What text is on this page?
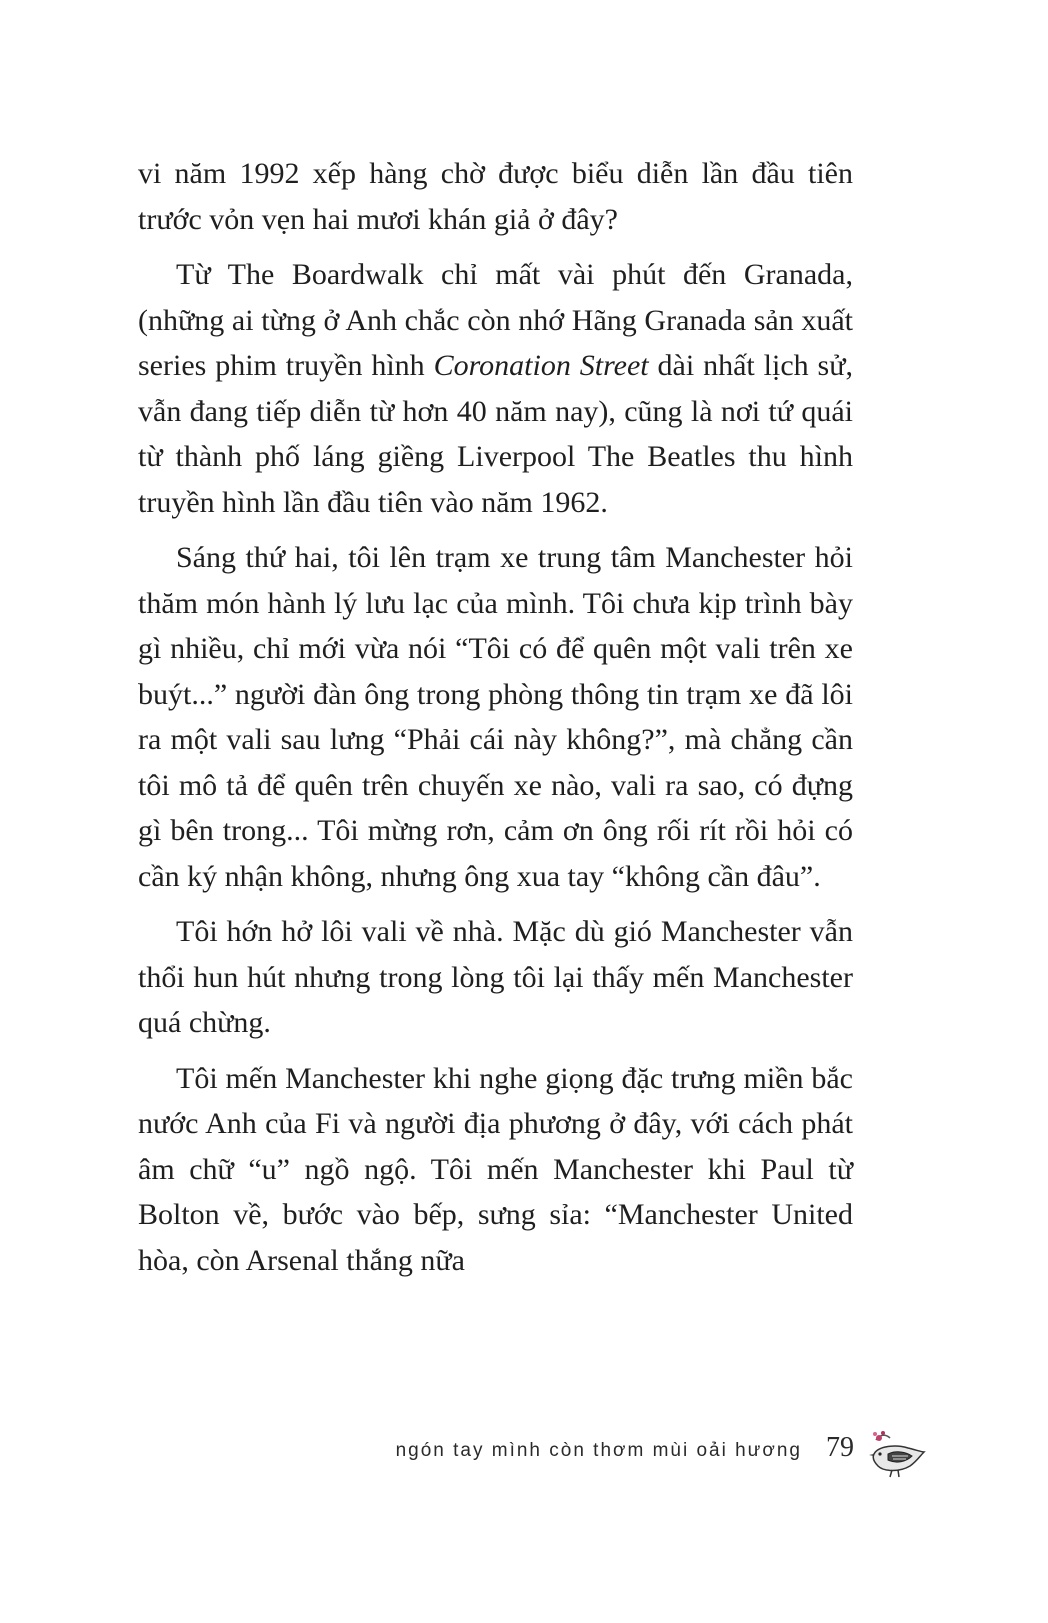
vi năm 1992 xếp hàng chờ được biểu diễn lần đầu tiên trước vỏn vẹn hai mươi khán giả ở đây?

Từ The Boardwalk chỉ mất vài phút đến Granada, (những ai từng ở Anh chắc còn nhớ Hãng Granada sản xuất series phim truyền hình Coronation Street dài nhất lịch sử, vẫn đang tiếp diễn từ hơn 40 năm nay), cũng là nơi tứ quái từ thành phố láng giềng Liverpool The Beatles thu hình truyền hình lần đầu tiên vào năm 1962.

Sáng thứ hai, tôi lên trạm xe trung tâm Manchester hỏi thăm món hành lý lưu lạc của mình. Tôi chưa kịp trình bày gì nhiều, chỉ mới vừa nói “Tôi có để quên một vali trên xe buýt...” người đàn ông trong phòng thông tin trạm xe đã lôi ra một vali sau lưng “Phải cái này không?”, mà chẳng cần tôi mô tả để quên trên chuyến xe nào, vali ra sao, có đựng gì bên trong... Tôi mừng rơn, cảm ơn ông rối rít rồi hỏi có cần ký nhận không, nhưng ông xua tay “không cần đâu”.

Tôi hớn hở lôi vali về nhà. Mặc dù gió Manchester vẫn thổi hun hút nhưng trong lòng tôi lại thấy mến Manchester quá chừng.

Tôi mến Manchester khi nghe giọng đặc trưng miền bắc nước Anh của Fi và người địa phương ở đây, với cách phát âm chữ “u” ngồ ngộ. Tôi mến Manchester khi Paul từ Bolton về, bước vào bếp, sưng sỉa: “Manchester United hòa, còn Arsenal thắng nữa

ngón tay mình còn thơm mùi oải hương 79
